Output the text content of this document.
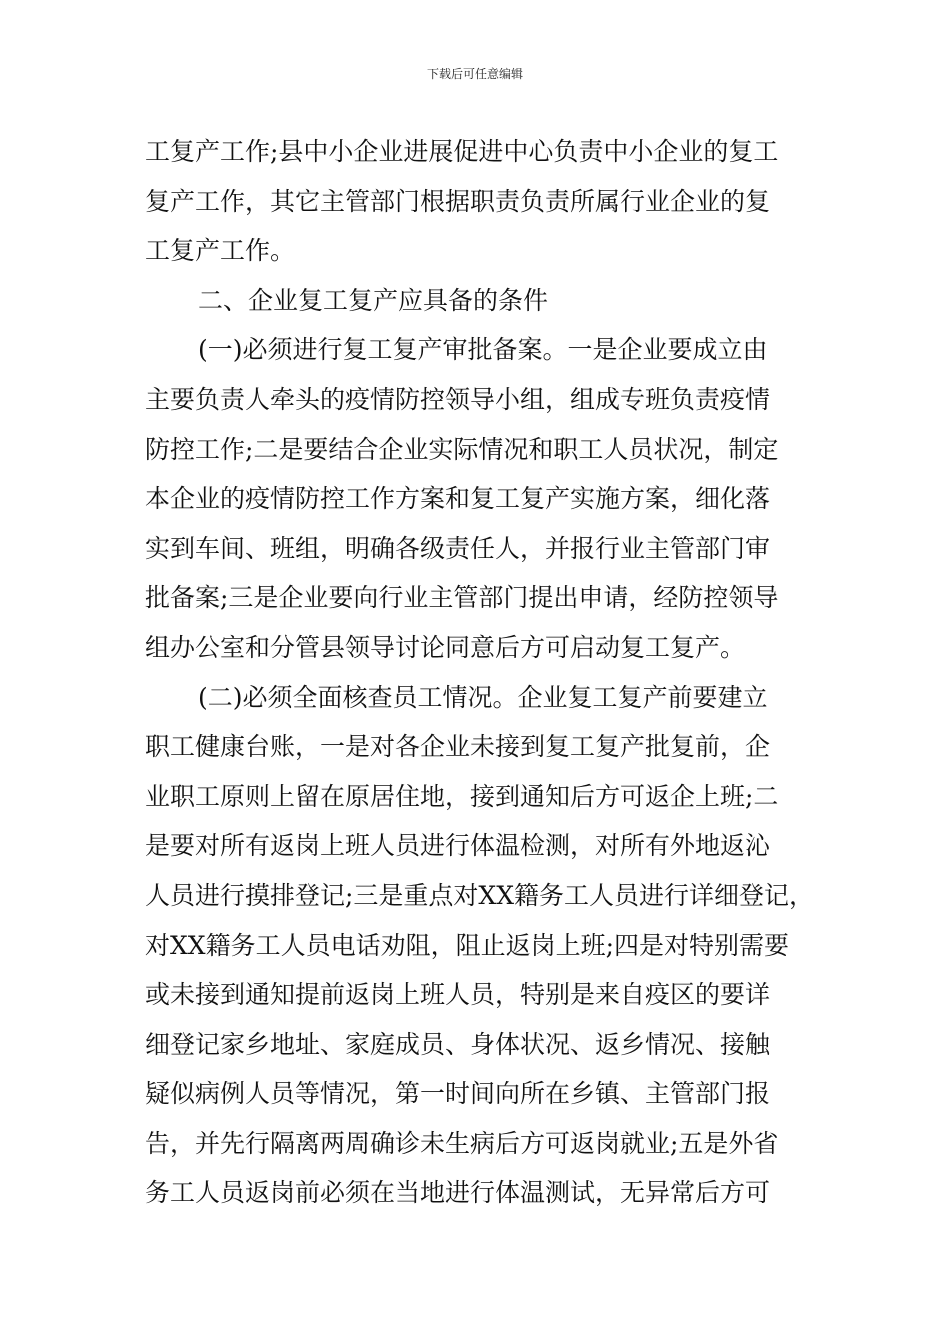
下载后可任意编辑
工复产工作;县中小企业进展促进中心负责中小企业的复工
复产工作，其它主管部门根据职责负责所属行业企业的复
工复产工作。
二、企业复工复产应具备的条件
(一)必须进行复工复产审批备案。一是企业要成立由
主要负责人牵头的疫情防控领导小组，组成专班负责疫情
防控工作;二是要结合企业实际情况和职工人员状况，制定
本企业的疫情防控工作方案和复工复产实施方案，细化落
实到车间、班组，明确各级责任人，并报行业主管部门审
批备案;三是企业要向行业主管部门提出申请，经防控领导
组办公室和分管县领导讨论同意后方可启动复工复产。
(二)必须全面核查员工情况。企业复工复产前要建立
职工健康台账，一是对各企业未接到复工复产批复前，企
业职工原则上留在原居住地，接到通知后方可返企上班;二
是要对所有返岗上班人员进行体温检测，对所有外地返沁
人员进行摸排登记;三是重点对XX籍务工人员进行详细登记，
对XX籍务工人员电话劝阻，阻止返岗上班;四是对特别需要
或未接到通知提前返岗上班人员，特别是来自疫区的要详
细登记家乡地址、家庭成员、身体状况、返乡情况、接触
疑似病例人员等情况，第一时间向所在乡镇、主管部门报
告，并先行隔离两周确诊未生病后方可返岗就业;五是外省
务工人员返岗前必须在当地进行体温测试，无异常后方可
